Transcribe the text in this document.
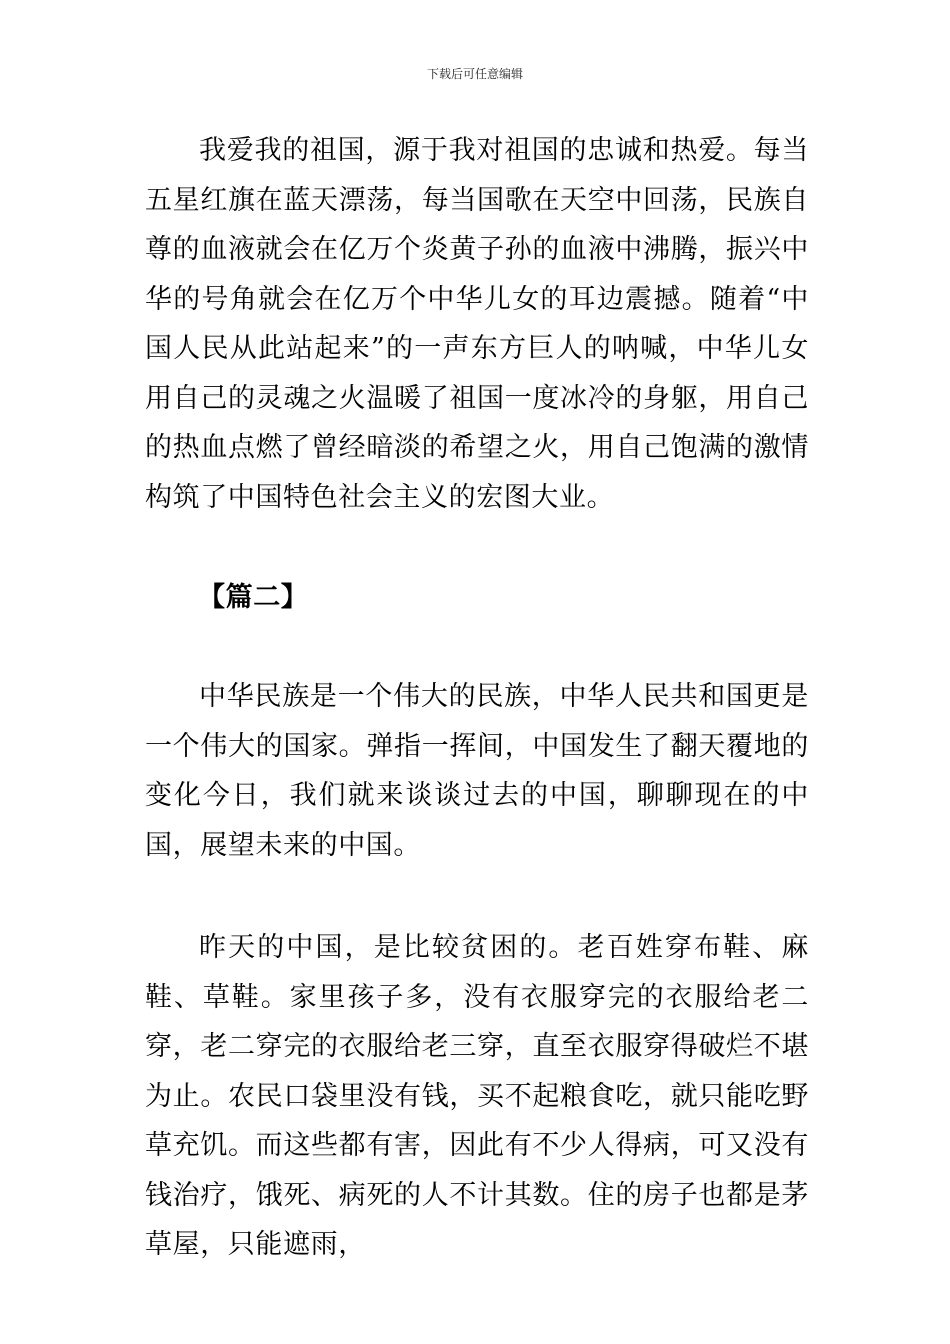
下载后可任意编辑

我爱我的祖国，源于我对祖国的忠诚和热爱。每当五星红旗在蓝天漂荡，每当国歌在天空中回荡，民族自尊的血液就会在亿万个炎黄子孙的血液中沸腾，振兴中华的号角就会在亿万个中华儿女的耳边震撼。随着“中国人民从此站起来”的一声东方巨人的呐喊，中华儿女用自己的灵魂之火温暖了祖国一度冰冷的身躯，用自己的热血点燃了曾经暗淡的希望之火，用自己饱满的激情构筑了中国特色社会主义的宏图大业。

【篇二】

中华民族是一个伟大的民族，中华人民共和国更是一个伟大的国家。弹指一挥间，中国发生了翻天覆地的变化今日，我们就来谈谈过去的中国，聊聊现在的中国，展望未来的中国。

昨天的中国，是比较贫困的。老百姓穿布鞋、麻鞋、草鞋。家里孩子多，没有衣服穿完的衣服给老二穿，老二穿完的衣服给老三穿，直至衣服穿得破烂不堪为止。农民口袋里没有钱，买不起粮食吃，就只能吃野草充饥。而这些都有害，因此有不少人得病，可又没有钱治疗，饿死、病死的人不计其数。住的房子也都是茅草屋，只能遮雨，
